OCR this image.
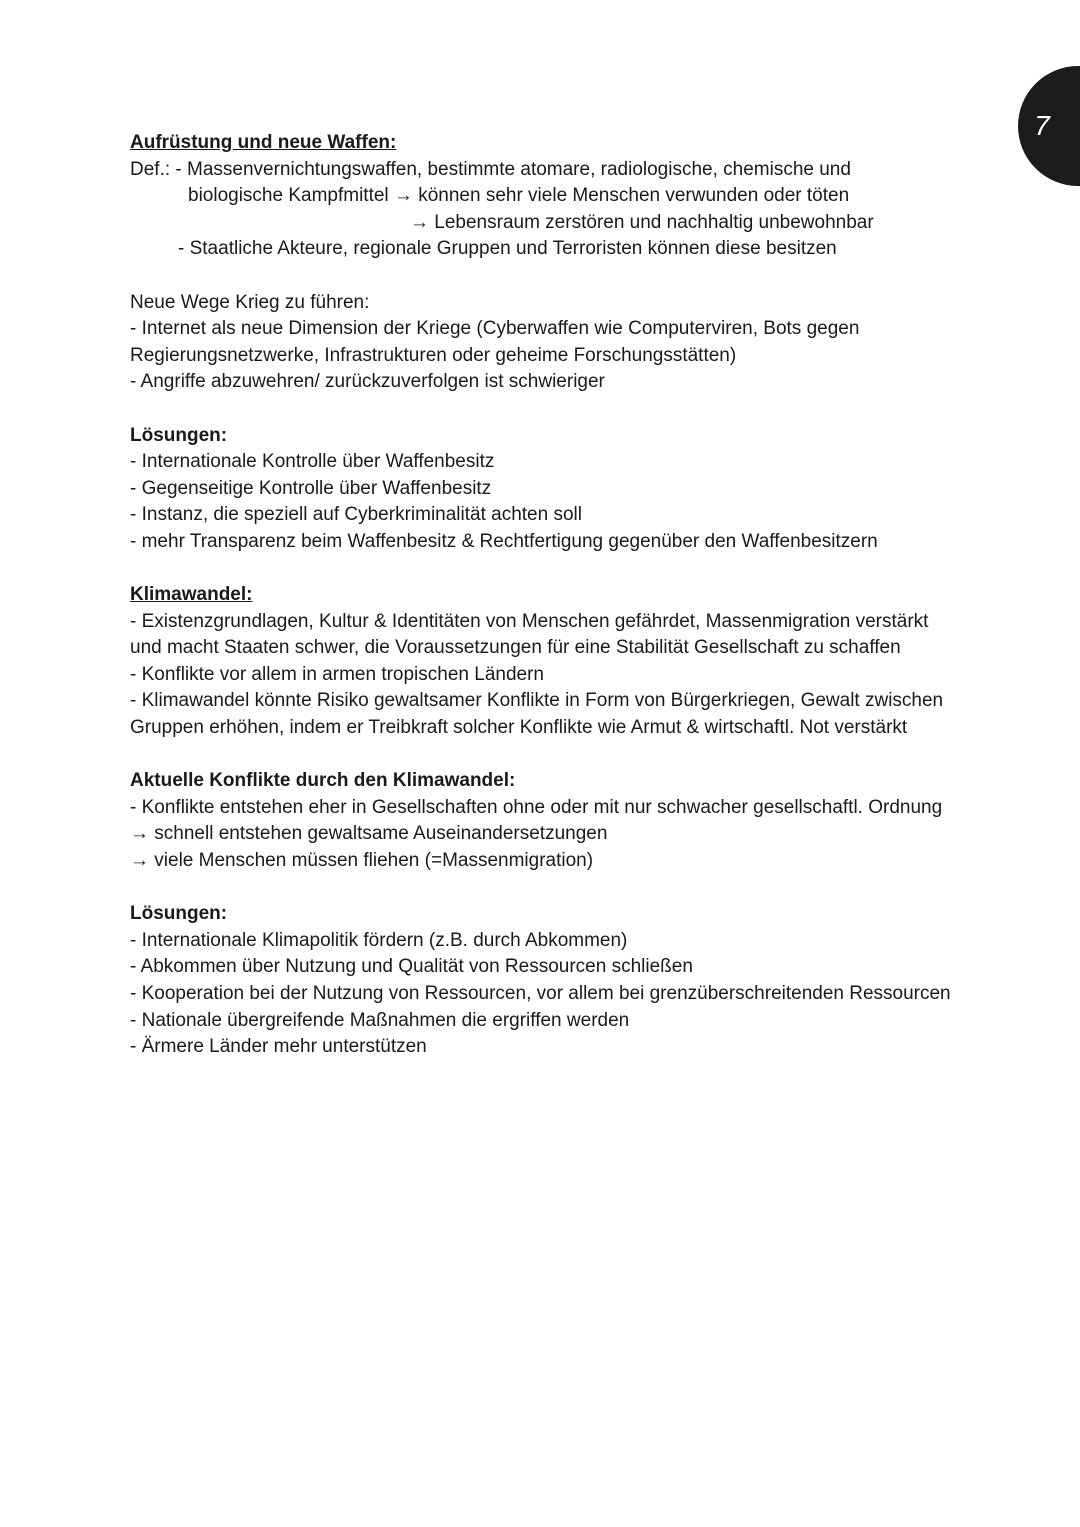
7
Aufrüstung und neue Waffen:
Def.: - Massenvernichtungswaffen, bestimmte atomare, radiologische, chemische und
biologische Kampfmittel → können sehr viele Menschen verwunden oder töten
→ Lebensraum zerstören und nachhaltig unbewohnbar
- Staatliche Akteure, regionale Gruppen und Terroristen können diese besitzen
Neue Wege Krieg zu führen:
- Internet als neue Dimension der Kriege (Cyberwaffen wie Computerviren, Bots gegen Regierungsnetzwerke, Infrastrukturen oder geheime Forschungsstätten)
- Angriffe abzuwehren/ zurückzuverfolgen ist schwieriger
Lösungen:
- Internationale Kontrolle über Waffenbesitz
- Gegenseitige Kontrolle über Waffenbesitz
- Instanz, die speziell auf Cyberkriminalität achten soll
- mehr Transparenz beim Waffenbesitz & Rechtfertigung gegenüber den Waffenbesitzern
Klimawandel:
- Existenzgrundlagen, Kultur & Identitäten von Menschen gefährdet, Massenmigration verstärkt und macht Staaten schwer, die Voraussetzungen für eine Stabilität Gesellschaft zu schaffen
- Konflikte vor allem in armen tropischen Ländern
- Klimawandel könnte Risiko gewaltsamer Konflikte in Form von Bürgerkriegen, Gewalt zwischen Gruppen erhöhen, indem er Treibkraft solcher Konflikte wie Armut & wirtschaftl. Not verstärkt
Aktuelle Konflikte durch den Klimawandel:
- Konflikte entstehen eher in Gesellschaften ohne oder mit nur schwacher gesellschaftl. Ordnung
→ schnell entstehen gewaltsame Auseinandersetzungen
→ viele Menschen müssen fliehen (=Massenmigration)
Lösungen:
- Internationale Klimapolitik fördern (z.B. durch Abkommen)
- Abkommen über Nutzung und Qualität von Ressourcen schließen
- Kooperation bei der Nutzung von Ressourcen, vor allem bei grenzüberschreitenden Ressourcen
- Nationale übergreifende Maßnahmen die ergriffen werden
- Ärmere Länder mehr unterstützen
